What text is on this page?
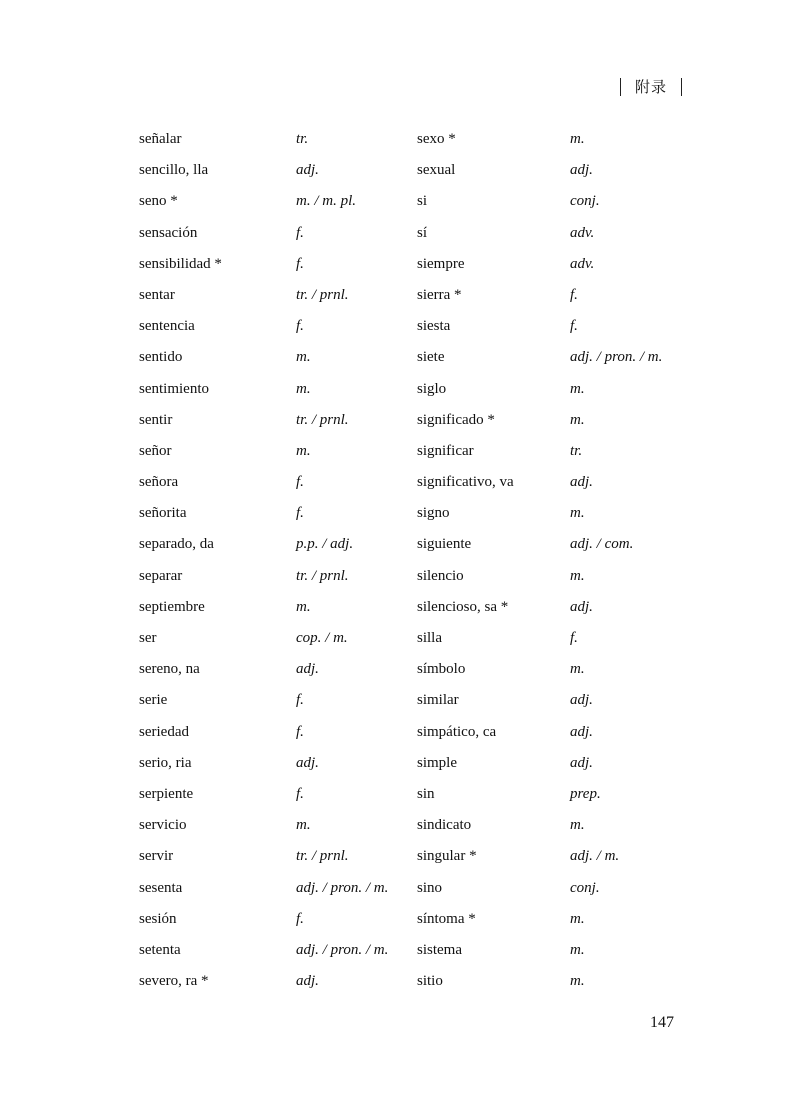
附录
señalar	tr.	sexo *	m.
sencillo, lla	adj.	sexual	adj.
seno *	m. / m. pl.	si	conj.
sensación	f.	sí	adv.
sensibilidad *	f.	siempre	adv.
sentar	tr. / prnl.	sierra *	f.
sentencia	f.	siesta	f.
sentido	m.	siete	adj. / pron. / m.
sentimiento	m.	siglo	m.
sentir	tr. / prnl.	significado *	m.
señor	m.	significar	tr.
señora	f.	significativo, va	adj.
señorita	f.	signo	m.
separado, da	p.p. / adj.	siguiente	adj. / com.
separar	tr. / prnl.	silencio	m.
septiembre	m.	silencioso, sa *	adj.
ser	cop. / m.	silla	f.
sereno, na	adj.	símbolo	m.
serie	f.	similar	adj.
seriedad	f.	simpático, ca	adj.
serio, ria	adj.	simple	adj.
serpiente	f.	sin	prep.
servicio	m.	sindicato	m.
servir	tr. / prnl.	singular *	adj. / m.
sesenta	adj. / pron. / m.	sino	conj.
sesión	f.	síntoma *	m.
setenta	adj. / pron. / m.	sistema	m.
severo, ra *	adj.	sitio	m.
147
